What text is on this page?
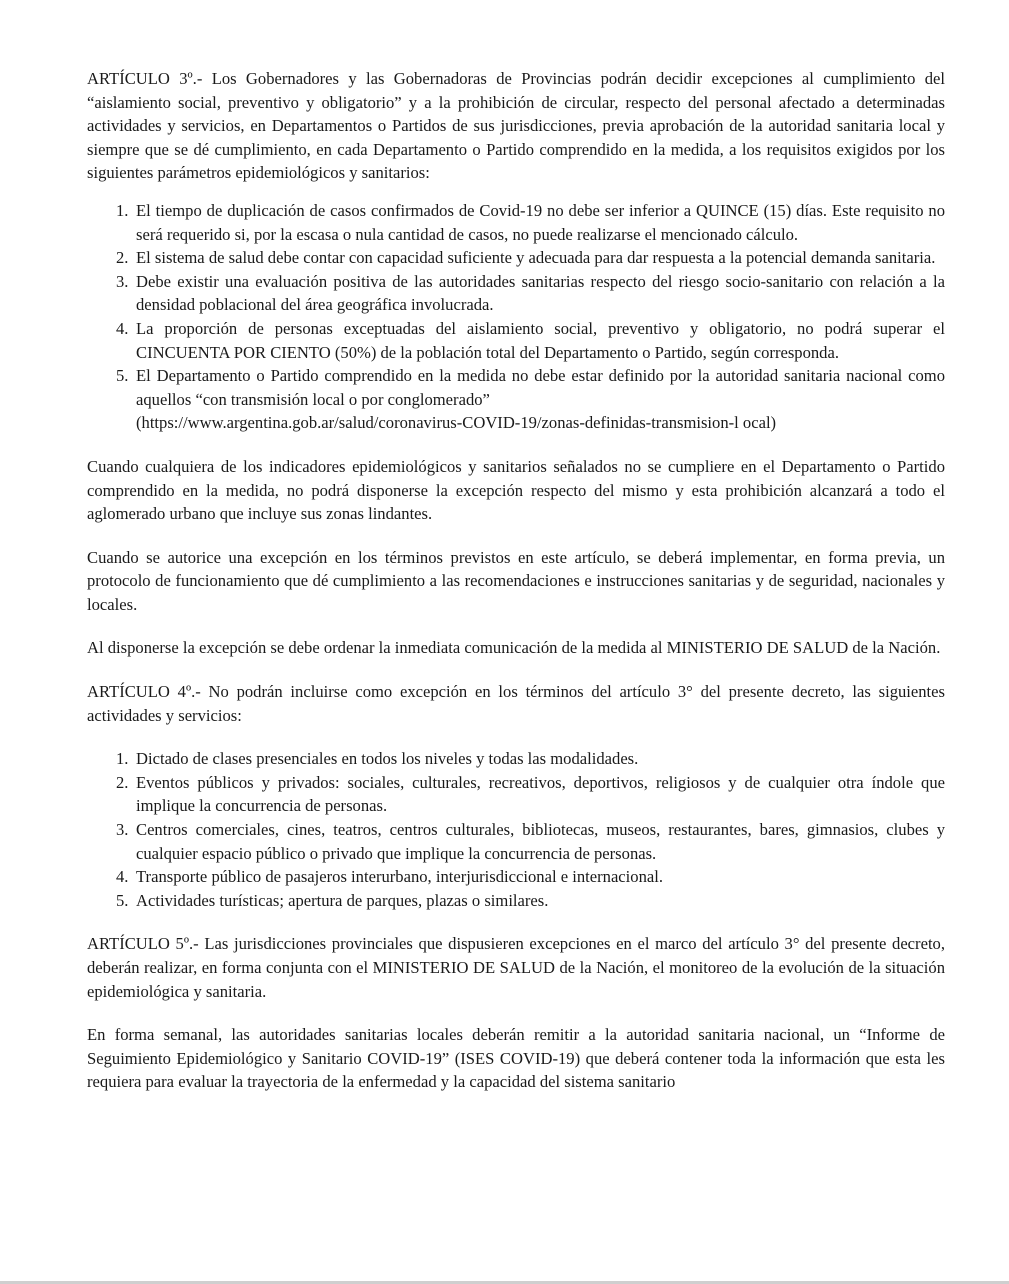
ARTÍCULO 3º.- Los Gobernadores y las Gobernadoras de Provincias podrán decidir excepciones al cumplimiento del “aislamiento social, preventivo y obligatorio” y a la prohibición de circular, respecto del personal afectado a determinadas actividades y servicios, en Departamentos o Partidos de sus jurisdicciones, previa aprobación de la autoridad sanitaria local y siempre que se dé cumplimiento, en cada Departamento o Partido comprendido en la medida, a los requisitos exigidos por los siguientes parámetros epidemiológicos y sanitarios:

1. El tiempo de duplicación de casos confirmados de Covid-19 no debe ser inferior a QUINCE (15) días. Este requisito no será requerido si, por la escasa o nula cantidad de casos, no puede realizarse el mencionado cálculo.
2. El sistema de salud debe contar con capacidad suficiente y adecuada para dar respuesta a la potencial demanda sanitaria.
3. Debe existir una evaluación positiva de las autoridades sanitarias respecto del riesgo socio-sanitario con relación a la densidad poblacional del área geográfica involucrada.
4. La proporción de personas exceptuadas del aislamiento social, preventivo y obligatorio, no podrá superar el CINCUENTA POR CIENTO (50%) de la población total del Departamento o Partido, según corresponda.
5. El Departamento o Partido comprendido en la medida no debe estar definido por la autoridad sanitaria nacional como aquellos “con transmisión local o por conglomerado”
(https://www.argentina.gob.ar/salud/coronavirus-COVID-19/zonas-definidas-transmision-l ocal)

Cuando cualquiera de los indicadores epidemiológicos y sanitarios señalados no se cumpliere en el Departamento o Partido comprendido en la medida, no podrá disponerse la excepción respecto del mismo y esta prohibición alcanzará a todo el aglomerado urbano que incluye sus zonas lindantes.

Cuando se autorice una excepción en los términos previstos en este artículo, se deberá implementar, en forma previa, un protocolo de funcionamiento que dé cumplimiento a las recomendaciones e instrucciones sanitarias y de seguridad, nacionales y locales.

Al disponerse la excepción se debe ordenar la inmediata comunicación de la medida al MINISTERIO DE SALUD de la Nación.

ARTÍCULO 4º.- No podrán incluirse como excepción en los términos del artículo 3° del presente decreto, las siguientes actividades y servicios:

1. Dictado de clases presenciales en todos los niveles y todas las modalidades.
2. Eventos públicos y privados: sociales, culturales, recreativos, deportivos, religiosos y de cualquier otra índole que implique la concurrencia de personas.
3. Centros comerciales, cines, teatros, centros culturales, bibliotecas, museos, restaurantes, bares, gimnasios, clubes y cualquier espacio público o privado que implique la concurrencia de personas.
4. Transporte público de pasajeros interurbano, interjurisdiccional e internacional.
5. Actividades turísticas; apertura de parques, plazas o similares.

ARTÍCULO 5º.- Las jurisdicciones provinciales que dispusieren excepciones en el marco del artículo 3° del presente decreto, deberán realizar, en forma conjunta con el MINISTERIO DE SALUD de la Nación, el monitoreo de la evolución de la situación epidemiológica y sanitaria.

En forma semanal, las autoridades sanitarias locales deberán remitir a la autoridad sanitaria nacional, un “Informe de Seguimiento Epidemiológico y Sanitario COVID-19” (ISES COVID-19) que deberá contener toda la información que esta les requiera para evaluar la trayectoria de la enfermedad y la capacidad del sistema sanitario
